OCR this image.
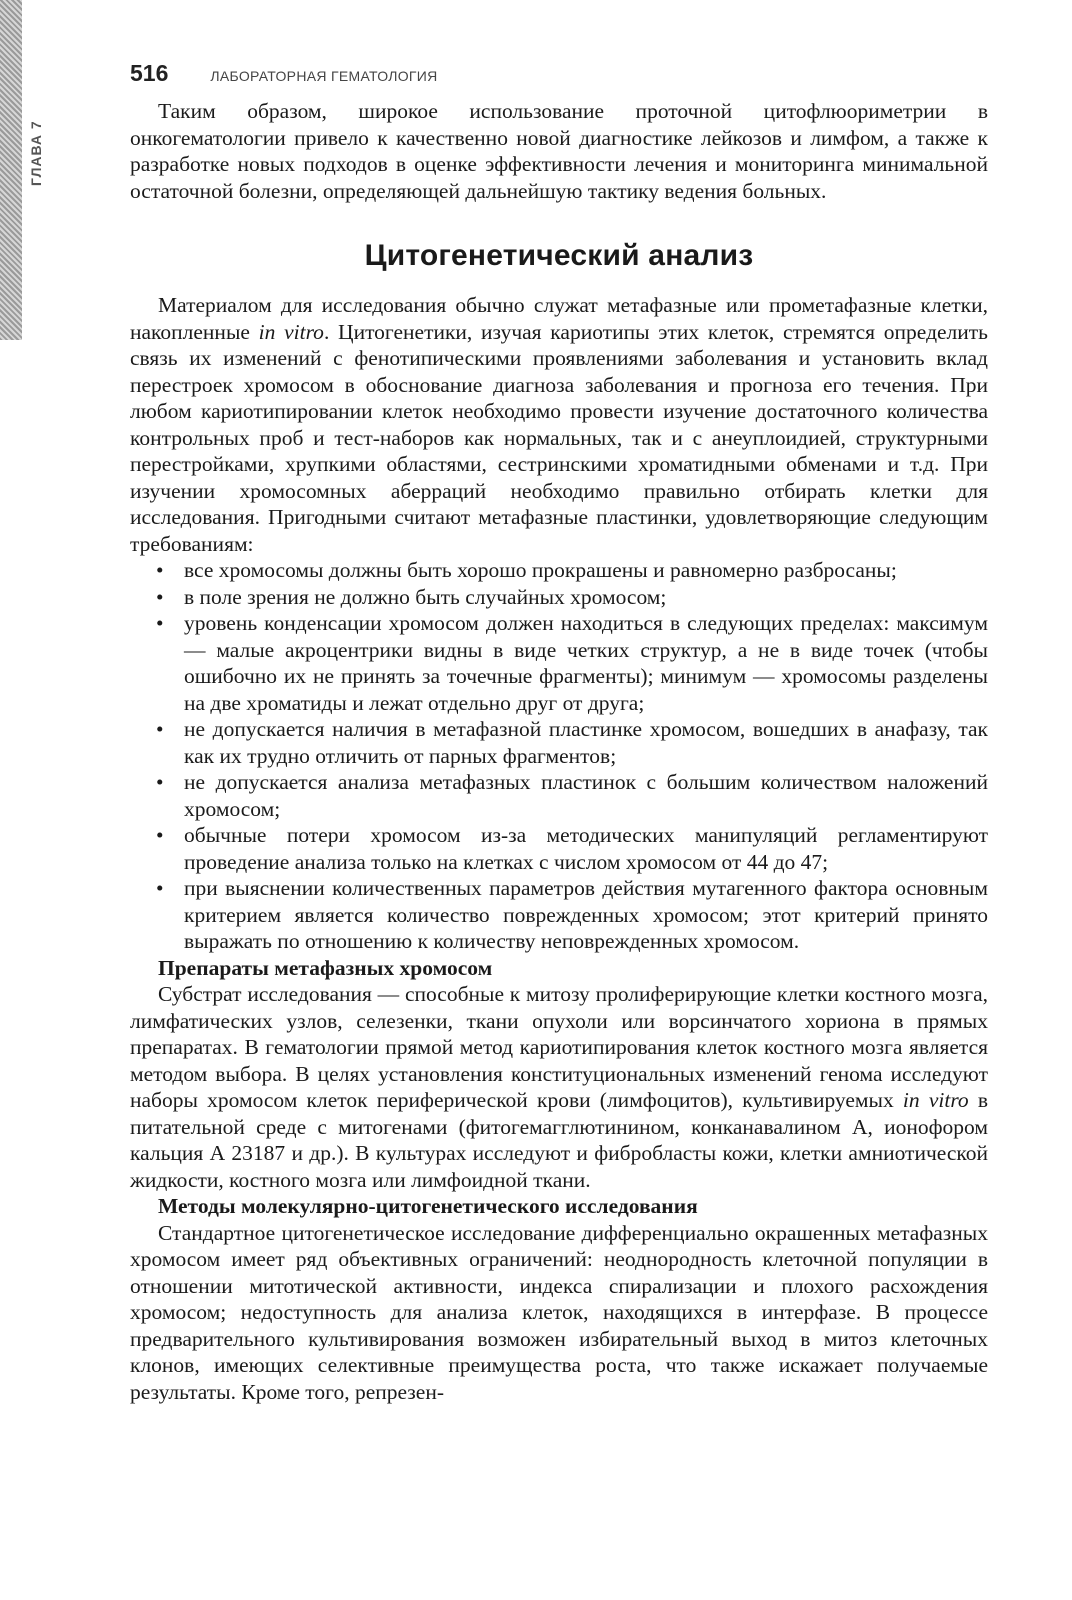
ГЛАВА 7
516	ЛАБОРАТОРНАЯ ГЕМАТОЛОГИЯ

Таким образом, широкое использование проточной цитофлюориметрии в онкогематологии привело к качественно новой диагностике лейкозов и лимфом, а также к разработке новых подходов в оценке эффективности лечения и мониторинга минимальной остаточной болезни, определяющей дальнейшую тактику ведения больных.

Цитогенетический анализ

Материалом для исследования обычно служат метафазные или прометафазные клетки, накопленные in vitro. Цитогенетики, изучая кариотипы этих клеток, стремятся определить связь их изменений с фенотипическими проявлениями заболевания и установить вклад перестроек хромосом в обоснование диагноза заболевания и прогноза его течения. При любом кариотипировании клеток необходимо провести изучение достаточного количества контрольных проб и тест-наборов как нормальных, так и с анеуплоидией, структурными перестройками, хрупкими областями, сестринскими хроматидными обменами и т.д. При изучении хромосомных аберраций необходимо правильно отбирать клетки для исследования. Пригодными считают метафазные пластинки, удовлетворяющие следующим требованиям:

• все хромосомы должны быть хорошо прокрашены и равномерно разбросаны;
• в поле зрения не должно быть случайных хромосом;
• уровень конденсации хромосом должен находиться в следующих пределах: максимум — малые акроцентрики видны в виде четких структур, а не в виде точек (чтобы ошибочно их не принять за точечные фрагменты); минимум — хромосомы разделены на две хроматиды и лежат отдельно друг от друга;
• не допускается наличия в метафазной пластинке хромосом, вошедших в анафазу, так как их трудно отличить от парных фрагментов;
• не допускается анализа метафазных пластинок с большим количеством наложений хромосом;
• обычные потери хромосом из-за методических манипуляций регламентируют проведение анализа только на клетках с числом хромосом от 44 до 47;
• при выяснении количественных параметров действия мутагенного фактора основным критерием является количество поврежденных хромосом; этот критерий принято выражать по отношению к количеству неповрежденных хромосом.
Препараты метафазных хромосом

Субстрат исследования — способные к митозу пролиферирующие клетки костного мозга, лимфатических узлов, селезенки, ткани опухоли или ворсинчатого хориона в прямых препаратах. В гематологии прямой метод кариотипирования клеток костного мозга является методом выбора. В целях установления конституциональных изменений генома исследуют наборы хромосом клеток периферической крови (лимфоцитов), культивируемых in vitro в питательной среде с митогенами (фитогемагглютинином, конканавалином А, ионофором кальция А 23187 и др.). В культурах исследуют и фибробласты кожи, клетки амниотической жидкости, костного мозга или лимфоидной ткани.

Методы молекулярно-цитогенетического исследования

Стандартное цитогенетическое исследование дифференциально окрашенных метафазных хромосом имеет ряд объективных ограничений: неоднородность клеточной популяции в отношении митотической активности, индекса спирализации и плохого расхождения хромосом; недоступность для анализа клеток, находящихся в интерфазе. В процессе предварительного культивирования возможен избирательный выход в митоз клеточных клонов, имеющих селективные преимущества роста, что также искажает получаемые результаты. Кроме того, репрезен-
